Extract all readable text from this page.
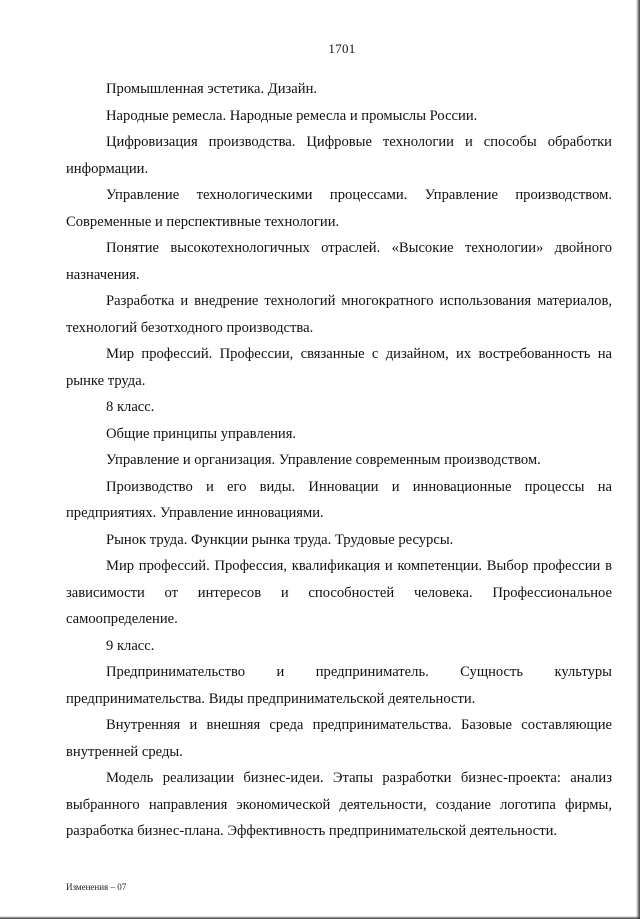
1701

Промышленная эстетика. Дизайн.

Народные ремесла. Народные ремесла и промыслы России.

Цифровизация производства. Цифровые технологии и способы обработки информации.

Управление технологическими процессами. Управление производством. Современные и перспективные технологии.

Понятие высокотехнологичных отраслей. «Высокие технологии» двойного назначения.

Разработка и внедрение технологий многократного использования материалов, технологий безотходного производства.

Мир профессий. Профессии, связанные с дизайном, их востребованность на рынке труда.

8 класс.

Общие принципы управления.

Управление и организация. Управление современным производством.

Производство и его виды. Инновации и инновационные процессы на предприятиях. Управление инновациями.

Рынок труда. Функции рынка труда. Трудовые ресурсы.

Мир профессий. Профессия, квалификация и компетенции. Выбор профессии в зависимости от интересов и способностей человека. Профессиональное самоопределение.

9 класс.

Предпринимательство и предприниматель. Сущность культуры предпринимательства. Виды предпринимательской деятельности.

Внутренняя и внешняя среда предпринимательства. Базовые составляющие внутренней среды.

Модель реализации бизнес-идеи. Этапы разработки бизнес-проекта: анализ выбранного направления экономической деятельности, создание логотипа фирмы, разработка бизнес-плана. Эффективность предпринимательской деятельности.

Изменения – 07
